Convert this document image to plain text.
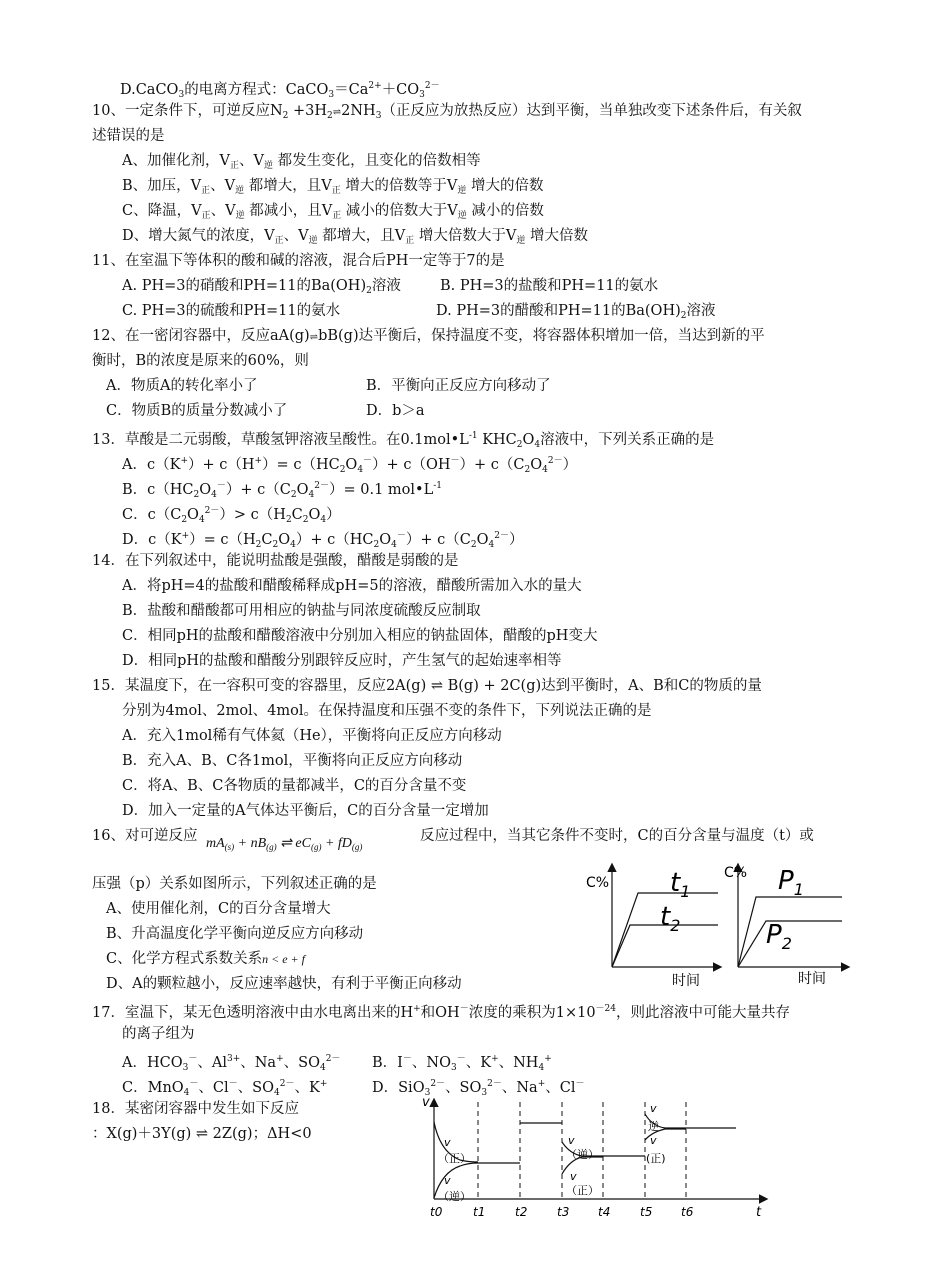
D.CaCO$_3$的电离方程式：$CaCO_3=Ca^{2+}+CO_3^{2-}$
10、一定条件下，可逆反应$N_2$ $+3H_2\rightleftharpoons 2NH_3$（正反应为放热反应）达到平衡，当单独改变下述条件后，有关叙
述错误的是
A、加催化剂，$V_正$、$V_逆$ 都发生变化，且变化的倍数相等
B、加压，$V_正$、$V_逆$ 都增大，且$V_正$ 增大的倍数等于$V_逆$ 增大的倍数
C、降温，$V_正$、$V_逆$ 都减小，且$V_正$ 减小的倍数大于$V_逆$ 减小的倍数
D、增大氮气的浓度，$V_正$、$V_逆$ 都增大，且$V_正$ 增大倍数大于$V_逆$ 增大倍数
11、在室温下等体积的酸和碱的溶液，混合后PH一定等于7的是
A. PH=3的硝酸和PH=11的$Ba(OH)_2$溶液	B. PH=3的盐酸和PH=11的氨水
C. PH=3的硫酸和PH=11的氨水	D. PH=3的醋酸和PH=11的$Ba(OH)_2$溶液
12、在一密闭容器中，反应aA(g)⇌bB(g)达平衡后，保持温度不变，将容器体积增加一倍，当达到新的平
衡时，B的浓度是原来的60%，则
A．物质A的转化率小了	B．平衡向正反应方向移动了
C．物质B的质量分数减小了	D．b＞a
13．草酸是二元弱酸，草酸氢钾溶液呈酸性。在$0.1mol•L^{-1}$ $KHC_2O_4$溶液中，下列关系正确的是
A．$c(K^+)+ c(H^+)= c(HC_2O_4^-)+ c(OH^-)+ c(C_2O_4^{2-})$
B．$c(HC_2O_4^-)+ c(C_2O_4^{2-})= 0.1$ $mol•L^{-1}$
C．$c(C_2O_4^{2-})> c(H_2C_2O_4)$
D．$c(K^+)= c(H_2C_2O_4)+ c(HC_2O_4^-)+ c(C_2O_4^{2-})$
14．在下列叙述中，能说明盐酸是强酸，醋酸是弱酸的是
A．将pH=4的盐酸和醋酸稀释成pH=5的溶液，醋酸所需加入水的量大
B．盐酸和醋酸都可用相应的钠盐与同浓度硫酸反应制取
C．相同pH的盐酸和醋酸溶液中分别加入相应的钠盐固体，醋酸的pH变大
D．相同pH的盐酸和醋酸分别跟锌反应时，产生氢气的起始速率相等
15．某温度下，在一容积可变的容器里，反应2A(g) ⇌ B(g) + 2C(g)达到平衡时，A、B和C的物质的量
分别为4mol、2mol、4mol。在保持温度和压强不变的条件下，下列说法正确的是
A．充入1mol稀有气体氦（He），平衡将向正反应方向移动
B．充入A、B、C各1mol，平衡将向正反应方向移动
C．将A、B、C各物质的量都减半，C的百分含量不变
D．加入一定量的A气体达平衡后，C的百分含量一定增加
16、对可逆反应 $mA_{(s)} + nB_{(g)}$ ⇌ $eC_{(g)} + fD_{(g)}$
反应过程中，当其它条件不变时，C的百分含量与温度（t）或
压强（p）关系如图所示，下列叙述正确的是
A、使用催化剂，C的百分含量增大
B、升高温度化学平衡向逆反应方向移动
C、化学方程式系数关系n < e + f
D、A的颗粒越小，反应速率越快，有利于平衡正向移动
C%
时间
$t_1$
$t_2$
C%
时间
$P_1$
$P_2$
17．室温下，某无色透明溶液中由水电离出来的H+和OH－浓度的乘积为$1\times 10^{-24}$，则此溶液中可能大量共存
的离子组为
A．$HCO_3^-$、$Al^{3+}$、Na+、$SO_4^{2-}$ B．I－、$NO_3^-$、K+、$NH_4^+$
C．MnO$_4$－、Cl－、$SO_4^{2-}$、K+	D．SiO$_3^{2-}$、$SO_3^{2-}$、Na+、Cl－
18．某密闭容器中发生如下反应
：X(g)＋3Y(g) ⇌ 2Z(g)；ΔH<0
v
t
v
（正）
v
（逆）
v
（逆）
v
（正）
v
逆
v
(正)
t0	t1 t2 t3 t4 t5 t6
